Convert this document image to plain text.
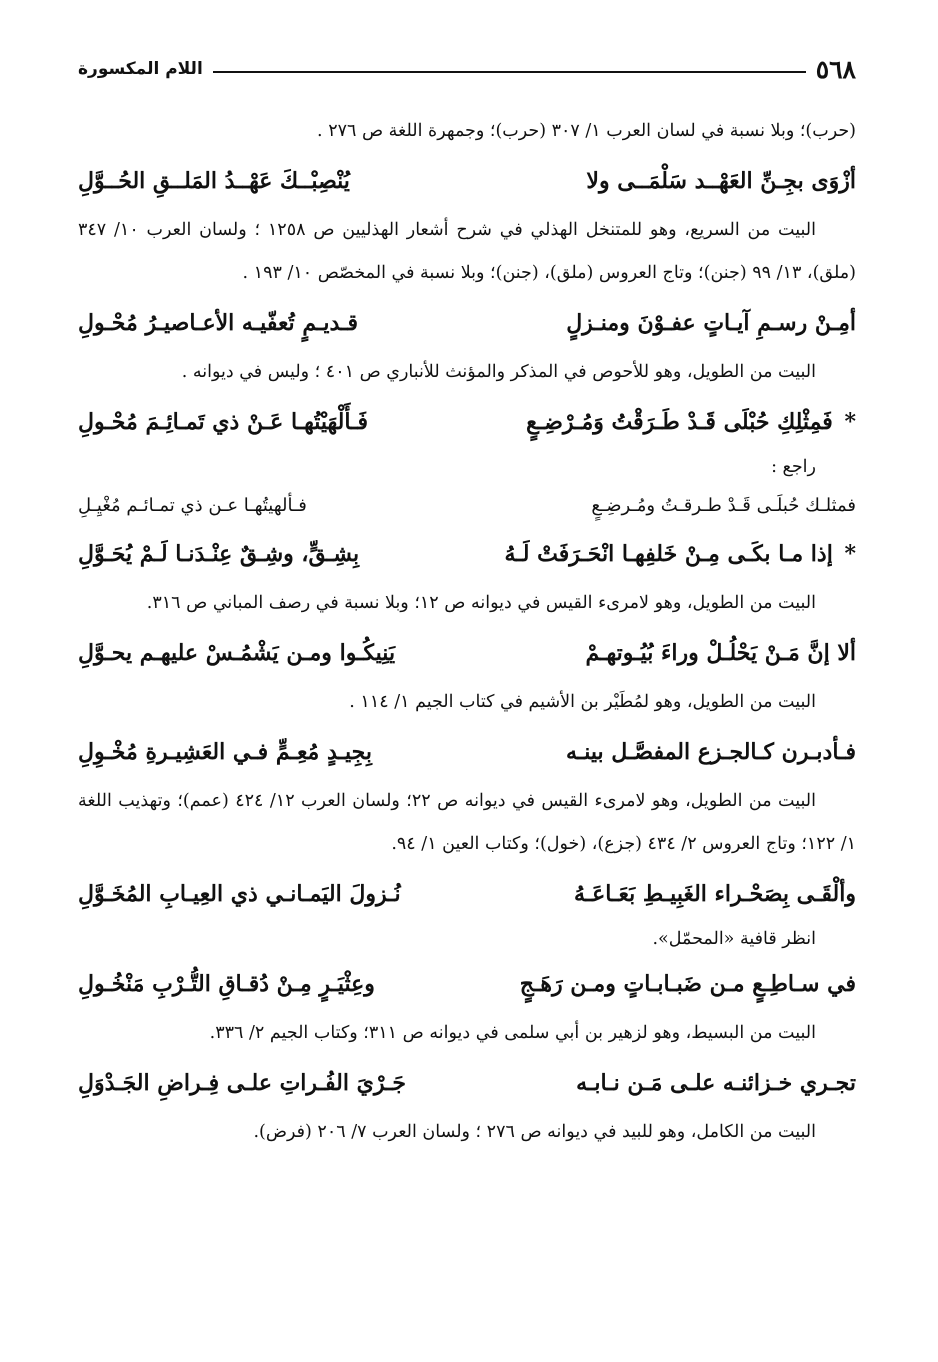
٥٦٨
اللام المكسورة

(حرب)؛ وبلا نسبة في لسان العرب ١/ ٣٠٧ (حرب)؛ وجمهرة اللغة ص ٢٧٦ .

أزْوَى بجِـنِّ العَهْــد سَلْمَــى ولا
يُنْصِبْــكَ عَهْــدُ المَلــقِ الحُــوَّلِ

البيت من السريع، وهو للمتنخل الهذلي في شرح أشعار الهذليين ص ١٢٥٨ ؛ ولسان العرب ١٠/ ٣٤٧ (ملق)، ١٣/ ٩٩ (جنن)؛ وتاج العروس (ملق)، (جنن)؛ وبلا نسبة في المخصّص ١٠/ ١٩٣ .

أمِـنْ رسـمِ آيـاتٍ عفـوْنَ ومنـزلٍ
قـديـمٍ تُعفّيـه الأعـاصيـرُ مُحْـولِ

البيت من الطويل، وهو للأحوص في المذكر والمؤنث للأنباري ص ٤٠١ ؛ وليس في ديوانه .

* فَمِثْلِكِ حُبْلَى قَـدْ طَـرَقْتُ وَمُـرْضِـعٍ
فَـأَلْهَيْتُهـا عَـنْ ذي تَمـائِـمَ مُحْـولِ
راجع :
فمثلـك حُبلَـى قَـدْ طـرقـتُ ومُـرضِـعٍ
فـألهيتُهـا عـن ذي تمـائـم مُغْيِـلِ
* إذا مـا بكَـى مِـنْ خَلفِهـا انْحَـرَفَتْ لَـهُ
بِشِـقٍّ، وشِـقٌ عِنْـدَنـا لَـمْ يُحَـوَّلِ

البيت من الطويل، وهو لامرىء القيس في ديوانه ص ١٢؛ وبلا نسبة في رصف المباني ص ٣١٦.

ألا إنَّ مَـنْ يَحْلُـلْ وراءَ بُيُـوتهـمْ
يَنِيكُـوا ومـن يَشْمُـسْ عليهـم يحـوَّلِ

البيت من الطويل، وهو لمُطَيْر بن الأشيم في كتاب الجيم ١/ ١١٤ .

فـأدبـرن كـالجـزع المفصَّـل بينـه
بِجِيـدٍ مُعِـمٍّ فـي العَشِيـرةِ مُخْـوِلِ

البيت من الطويل، وهو لامرىء القيس في ديوانه ص ٢٢؛ ولسان العرب ١٢/ ٤٢٤ (عمم)؛ وتهذيب اللغة ١/ ١٢٢؛ وتاج العروس ٢/ ٤٣٤ (جزع)، (خول)؛ وكتاب العين ١/ ٩٤.

وألْقَـى بِصَحْـراء الغَبِيـطِ بَعَـاعَـهُ
نُـزولَ اليَمـانـي ذي العِيـابِ المُخَـوَّلِ
انظر قافية «المحمّل».
في سـاطِـعٍ مـن ضَبـابـاتٍ ومـن رَهَـجٍ
وعِثْيَـرٍ مِـنْ دُقـاقِ التُّـرْبِ مَنْخُـولِ

البيت من البسيط، وهو لزهير بن أبي سلمى في ديوانه ص ٣١١؛ وكتاب الجيم ٢/ ٣٣٦.

تجـري خـزائنـه علـى مَـن نـابـه
جَـرْيَ الفُـراتِ علـى فِـراضِ الجَـدْوَلِ

البيت من الكامل، وهو للبيد في ديوانه ص ٢٧٦ ؛ ولسان العرب ٧/ ٢٠٦ (فرض).
